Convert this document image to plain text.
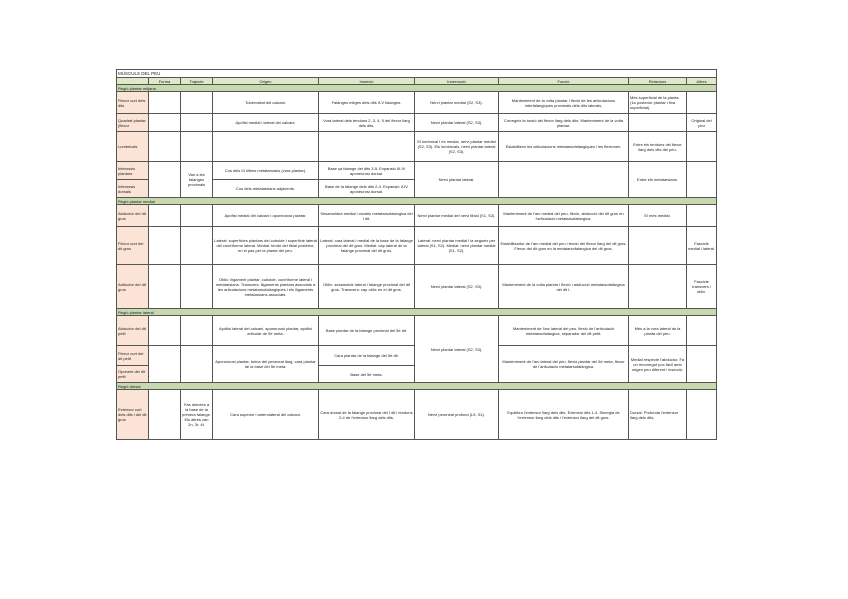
MÚSCULS DEL PEU								
	Forma	Trajecte	Origen	Inserció	Innervació	Funció	Relacions	Altres
Regió plantar mitjana								
Flexor curt dels dits			Tuberositat del calcani.	Falanges mitges dels dits II-V falanges.	Nervi plantar medial (S2, S3).	Manteniment de la volta plantar i flexió de les articulacions interfalàngiques proximals dels dits laterals.	Més superficial de la planta. (1a posterior plantar i fixa superficial).	
Quadrat plantar (flexor			Apòfisi medial i lateral del calcani.	Vora lateral dels tendons 2, 3, 4, 5 del flexor llarg dels dits.	Nervi plantar lateral (S2, S3).	Corregeix la torsió del flexor llarg dels dits. Manteniment de la volta plantar.		Original del peu
Lumbricals					El lumbrical I és medial, nervi plantar medial (S2, S3). Els lumbricals, nervi plantar lateral (S2, S3).	Estabilitzen les articulacions metatarsofalàngiques i les flexionen.	Entre els tendons del flexor llarg dels dits del peu.	
Interossis plantars		Van a les falanges proximals	Cos dels III últims metatarsians (vora plantar).	Base ça falange del dits 3-5. Expansió III-IV aponeurosi dorsal.	Nervi plantar lateral.		Entre els metatarsians.	
Interossis dorsals			Cos dels metatarsians adjacents.	Base de la falange dels dits 2-4. Expansió II-IV aponeurosi dorsal.				
Regió plantar medial								
Abductor del dit gros			Apòfisi medial del calcani i aponeurosi plantar.	Sesamoidea medial i cicatriu metatarsofalàngica del I dit.	Nervi plantar medial del nervi tibial (S1, S2).	Manteniment de l'arc medial del peu, flexió, abducció del dit gros en l'articulació metatarsofalàngica.	El més medial.	
Flexor curt del dit gros			Lateral: superficies plantars del cuboide i superficie lateral del cuneïforme lateral. Medial: tendó del tibial posterior, en el pas per la planta del peu.	Lateral: cara lateral i medial de la base de la falange proximal del dit gros. Medial: cap lateral de la falange proximal del dit gros.	Lateral: nervi plantar medial i la segueix per lateral (S1, S2). Medial: nervi plantar medial (S1, S2).	Estabilitzador de l'arc medial del peu i tendó del flexor llarg del dit gros. Flexor del dit gros en la metatarsofalàngica del dit gros.		Fascicle medial i lateral.
Adductor del dit gros			Oblic: lligament plantar, cuboide, cuneïforme lateral i metatarsians. Transvers: lligaments plantars associats a les articulacions metatarsofalàngiques i els lligaments metatarsians associats.	Oblic: sesamoide lateral i falange proximal del dit gros. Transvers: cap oblic en el dit gros.	Nervi plantar lateral (S2, S3).	Manteniment de la volta plantar i flexió i adducció metatarsofalàngica del dit I.		Fascicle transvers i oblic.
Regió plantar lateral								
Abductor del dit petit			Apòfisi lateral del calcani, aponeurosi plantar, apòfisi articular de 5è meta.	Base plantar de la falange proximal del 5è dit.	Nervi plantar lateral (S2, S3).	Manteniment de l'arc lateral del peu, flexió de l'articulació metatarsofalàngica, separador del dit petit.	Més a la vora lateral de la planta del peu.	
Flexor curt del dit petit			Aponeurosi plantar, beina del peroneal llarg, cara plantar de la base del 5è meta.	Cara plantar de la falange del 5è dit.		Manteniment de l'arc lateral del peu, flexió plantar del 5è meta, flexor de l'articulació metatarsofalàngica.	Medial respecte l'abductor. Fa un recorregut poc fàcil amb origen peu diferent i inserció.	
Oponent del dit petit				Base del 5è meta.				
Regió dorsal								
Extensor curt dels dits i del dit gros		Fas directes a la base de la primera falange. Els altres van 2n, 3r, 4t.	Cara superior i anterolateral del calcani.	Cara dorsal de la falange proximal del I dit i tendons 2-4 de l'extensor llarg dels dits.	Nervi peroneal profund (L5, S1).	Equilibra l'extensor llarg dels dits. Extensió dits 1-4. Sinergia de l'extensor llarg dels dits i l'extensor llarg del dit gros.	Dorsal. Profunda l'extensor llarg dels dits.	
